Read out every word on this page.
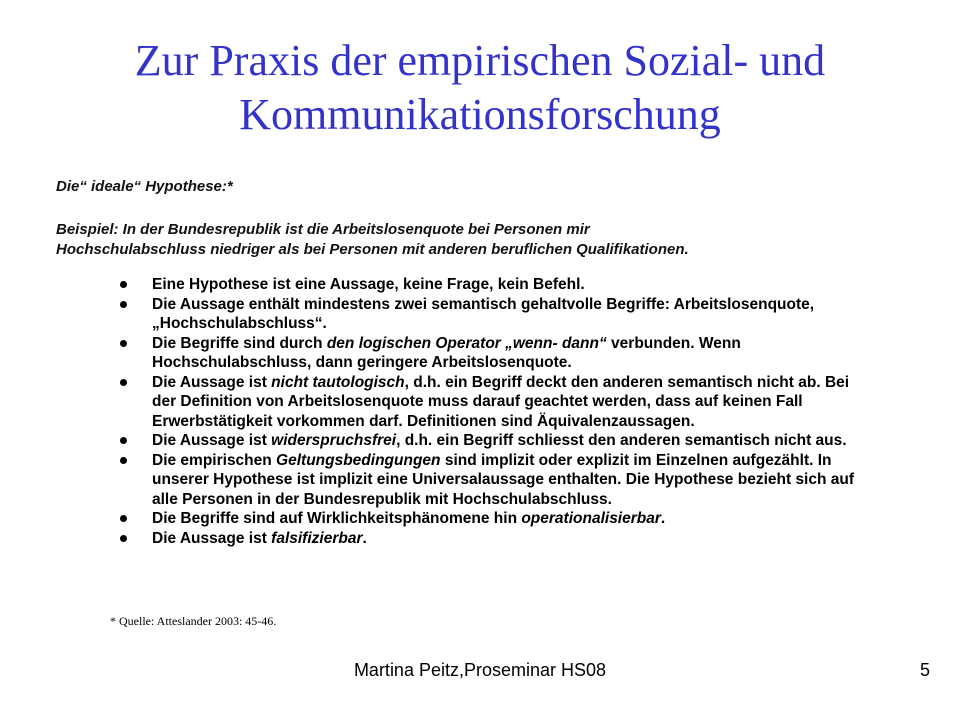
Zur Praxis der empirischen Sozial- und
Kommunikationsforschung
Die“ ideale“ Hypothese:*
Beispiel: In der Bundesrepublik ist die Arbeitslosenquote bei Personen mir
Hochschulabschluss niedriger als bei Personen mit anderen beruflichen Qualifikationen.
Eine Hypothese ist eine Aussage, keine Frage, kein Befehl.
Die Aussage enthält mindestens zwei semantisch gehaltvolle Begriffe: Arbeitslosenquote, „Hochschulabschluss“.
Die Begriffe sind durch den logischen Operator „wenn- dann“ verbunden. Wenn Hochschulabschluss, dann geringere Arbeitslosenquote.
Die Aussage ist nicht tautologisch, d.h. ein Begriff deckt den anderen semantisch nicht ab. Bei der Definition von Arbeitslosenquote muss darauf geachtet werden, dass auf keinen Fall Erwerbstätigkeit vorkommen darf. Definitionen sind Äquivalenzaussagen.
Die Aussage ist widerspruchsfrei, d.h. ein Begriff schliesst den anderen semantisch nicht aus.
Die empirischen Geltungsbedingungen sind implizit oder explizit im Einzelnen aufgezählt. In unserer Hypothese ist implizit eine Universalaussage enthalten. Die Hypothese bezieht sich auf alle Personen in der Bundesrepublik mit Hochschulabschluss.
Die Begriffe sind auf Wirklichkeitsphänomene hin operationalisierbar.
Die Aussage ist falsifizierbar.
* Quelle: Atteslander 2003: 45-46.
Martina Peitz,Proseminar HS08	5
